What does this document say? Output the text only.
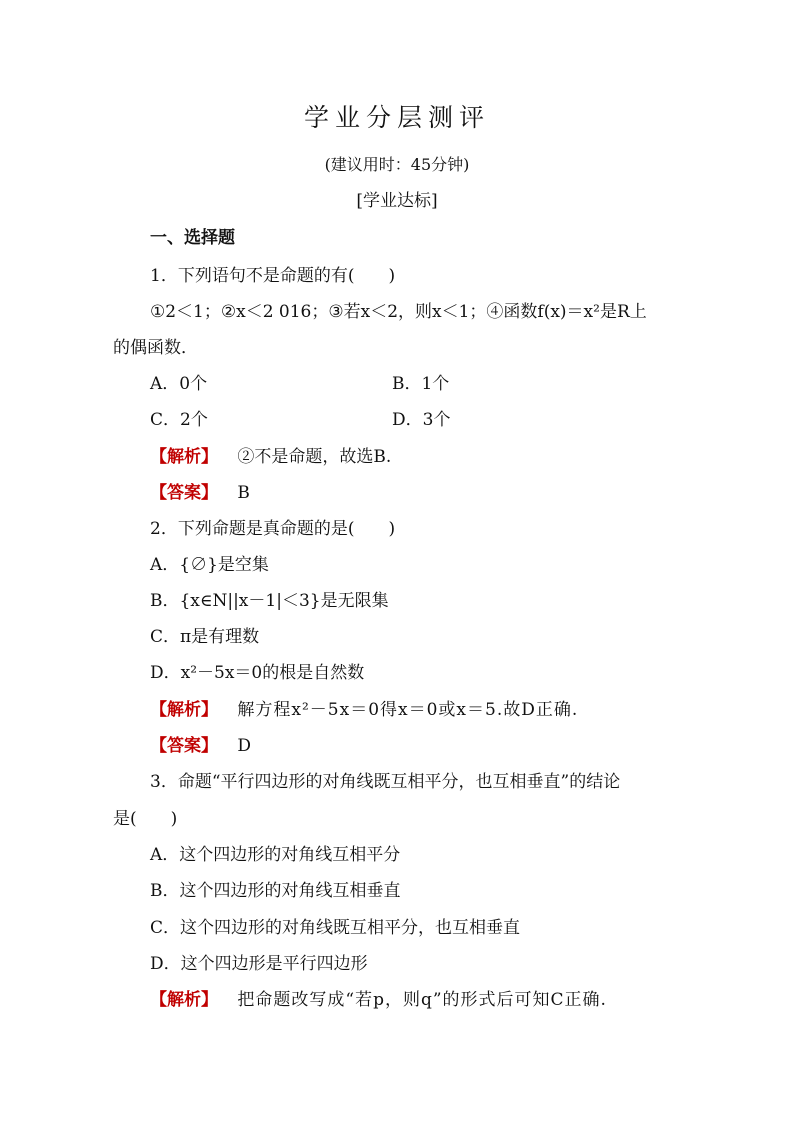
学业分层测评
(建议用时：45分钟)
[学业达标]
一、选择题
1．下列语句不是命题的有(　　)
①2＜1；②x＜2 016；③若x＜2，则x＜1；④函数f(x)＝x²是R上
的偶函数．
A．0个	B．1个
C．2个	D．3个
【解析】 ②不是命题，故选B.
【答案】 B
2．下列命题是真命题的是(　　)
A．{∅}是空集
B．{x∈N||x－1|＜3}是无限集
C．π是有理数
D．x²－5x＝0的根是自然数
【解析】 解方程x²－5x＝0得x＝0或x＝5.故D正确.
【答案】 D
3．命题“平行四边形的对角线既互相平分，也互相垂直”的结论
是(　　)
A．这个四边形的对角线互相平分
B．这个四边形的对角线互相垂直
C．这个四边形的对角线既互相平分，也互相垂直
D．这个四边形是平行四边形
【解析】 把命题改写成“若p，则q”的形式后可知C正确.
